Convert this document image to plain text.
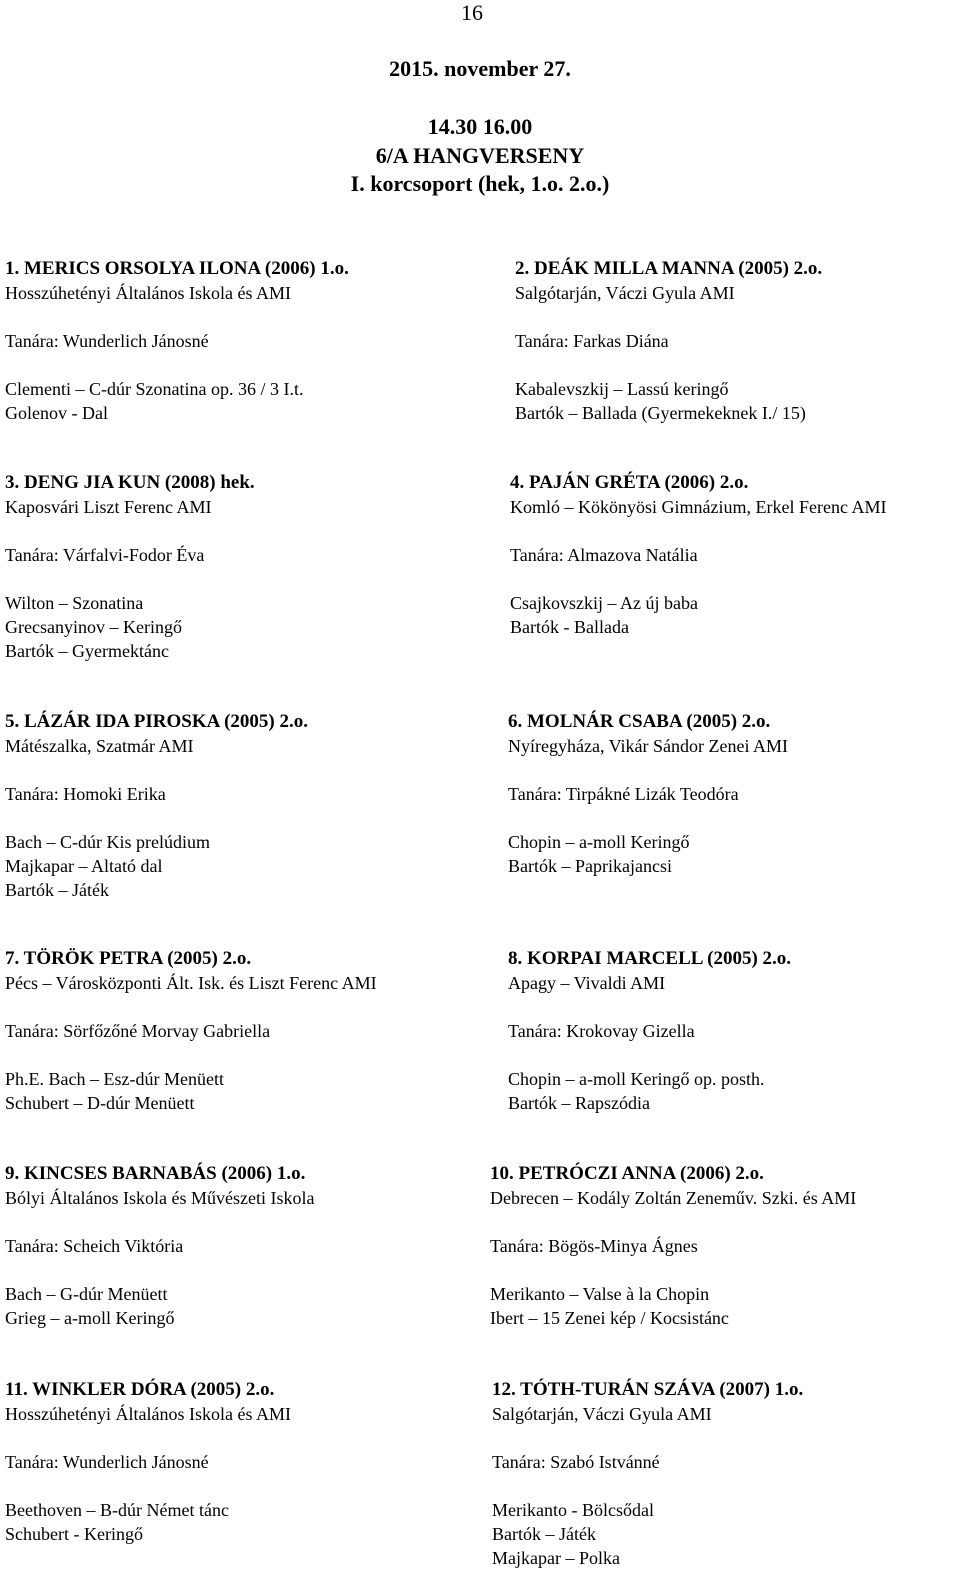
16
2015. november 27.
14.30 16.00
6/A HANGVERSENY
I. korcsoport (hek, 1.o. 2.o.)
1. MERICS ORSOLYA ILONA (2006) 1.o.
Hosszúhetényi Általános Iskola és AMI
Tanára: Wunderlich Jánosné
Clementi – C-dúr Szonatina op. 36 / 3 I.t.
Golenov - Dal
2. DEÁK MILLA MANNA (2005) 2.o.
Salgótarján, Váczi Gyula AMI
Tanára: Farkas Diána
Kabalevszkij – Lassú keringő
Bartók – Ballada (Gyermekeknek I./ 15)
3. DENG JIA KUN (2008) hek.
Kaposvári Liszt Ferenc AMI
Tanára: Várfalvi-Fodor Éva
Wilton – Szonatina
Grecsanyinov – Keringő
Bartók – Gyermektánc
4. PAJÁN GRÉTA (2006) 2.o.
Komló – Kökönyösi Gimnázium, Erkel Ferenc AMI
Tanára: Almazova Natália
Csajkovszkij – Az új baba
Bartók - Ballada
5. LÁZÁR IDA PIROSKA (2005) 2.o.
Mátészalka, Szatmár AMI
Tanára: Homoki Erika
Bach – C-dúr Kis prelúdium
Majkapar – Altató dal
Bartók – Játék
6. MOLNÁR CSABA (2005) 2.o.
Nyíregyháza, Vikár Sándor Zenei AMI
Tanára: Tirpákné Lizák Teodóra
Chopin – a-moll Keringő
Bartók – Paprikajancsi
7. TÖRÖK PETRA (2005) 2.o.
Pécs – Városközponti Ált. Isk. és Liszt Ferenc AMI
Tanára: Sörfőzőné Morvay Gabriella
Ph.E. Bach – Esz-dúr Menüett
Schubert – D-dúr Menüett
8. KORPAI MARCELL (2005) 2.o.
Apagy – Vivaldi AMI
Tanára: Krokovay Gizella
Chopin – a-moll Keringő op. posth.
Bartók – Rapszódia
9. KINCSES BARNABÁS (2006) 1.o.
Bólyi Általános Iskola és Művészeti Iskola
Tanára: Scheich Viktória
Bach – G-dúr Menüett
Grieg – a-moll Keringő
10. PETRÓCZI ANNA (2006) 2.o.
Debrecen – Kodály Zoltán Zeneműv. Szki. és AMI
Tanára: Bögös-Minya Ágnes
Merikanto – Valse à la Chopin
Ibert – 15 Zenei kép / Kocsistánc
11. WINKLER DÓRA (2005) 2.o.
Hosszúhetényi Általános Iskola és AMI
Tanára: Wunderlich Jánosné
Beethoven – B-dúr Német tánc
Schubert - Keringő
12. TÓTH-TURÁN SZÁVA (2007) 1.o.
Salgótarján, Váczi Gyula AMI
Tanára: Szabó Istvánné
Merikanto - Bölcsődal
Bartók – Játék
Majkapar – Polka
